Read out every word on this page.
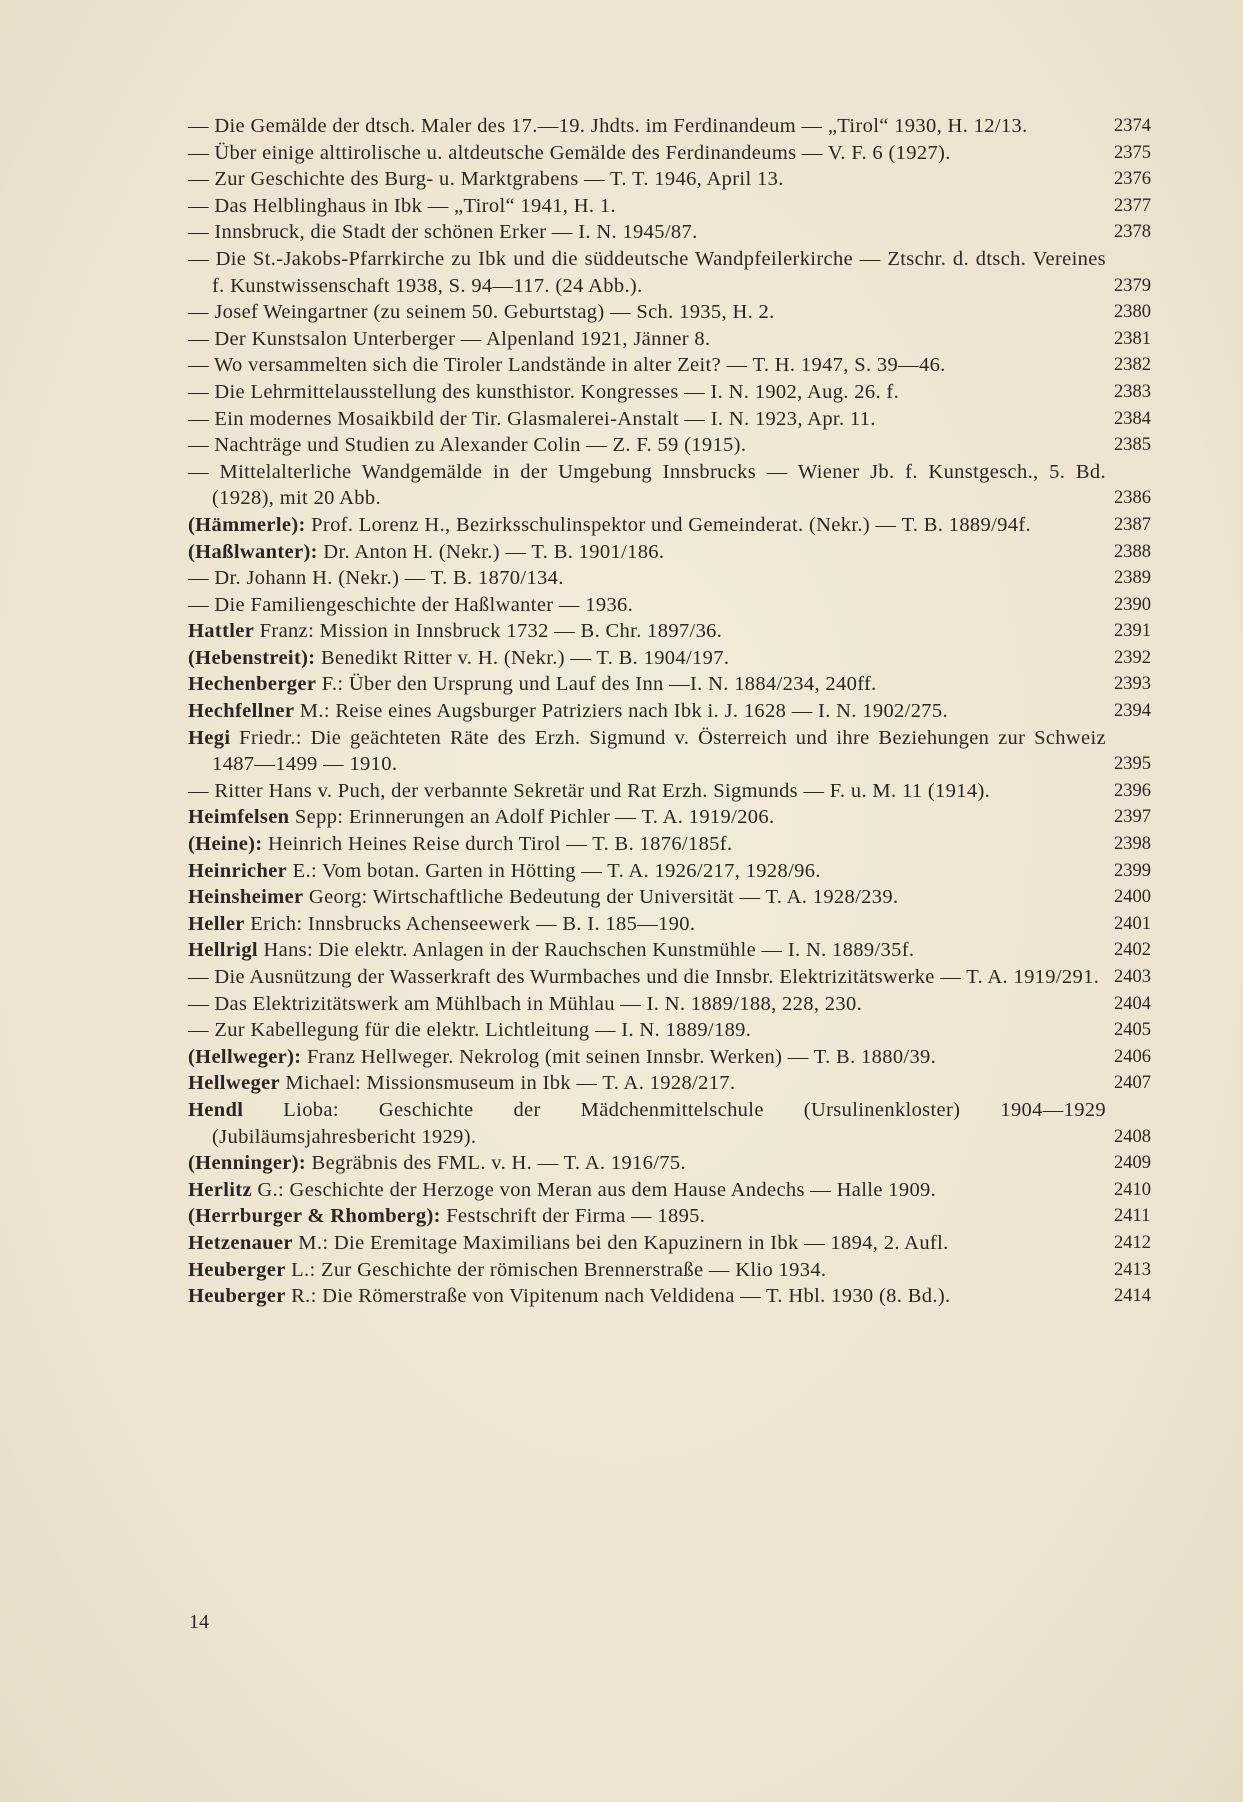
— Die Gemälde der dtsch. Maler des 17.—19. Jhdts. im Ferdinandeum — „Tirol“ 1930, H. 12/13.	2374
— Über einige alttirolische u. altdeutsche Gemälde des Ferdinandeums — V. F. 6 (1927).	2375
— Zur Geschichte des Burg- u. Marktgrabens — T. T. 1946, April 13.	2376
— Das Helblinghaus in Ibk — „Tirol“ 1941, H. 1.	2377
— Innsbruck, die Stadt der schönen Erker — I. N. 1945/87.	2378
— Die St.-Jakobs-Pfarrkirche zu Ibk und die süddeutsche Wandpfeilerkirche — Ztschr. d. dtsch. Vereines f. Kunstwissenschaft 1938, S. 94—117. (24 Abb.).	2379
— Josef Weingartner (zu seinem 50. Geburtstag) — Sch. 1935, H. 2.	2380
— Der Kunstsalon Unterberger — Alpenland 1921, Jänner 8.	2381
— Wo versammelten sich die Tiroler Landstände in alter Zeit? — T. H. 1947, S. 39—46.	2382
— Die Lehrmittelausstellung des kunsthistor. Kongresses — I. N. 1902, Aug. 26. f.	2383
— Ein modernes Mosaikbild der Tir. Glasmalerei-Anstalt — I. N. 1923, Apr. 11.	2384
— Nachträge und Studien zu Alexander Colin — Z. F. 59 (1915).	2385
— Mittelalterliche Wandgemälde in der Umgebung Innsbrucks — Wiener Jb. f. Kunstgesch., 5. Bd. (1928), mit 20 Abb.	2386
(Hämmerle): Prof. Lorenz H., Bezirksschulinspektor und Gemeinderat. (Nekr.) — T. B. 1889/94f.	2387
(Haßlwanter): Dr. Anton H. (Nekr.) — T. B. 1901/186.	2388
— Dr. Johann H. (Nekr.) — T. B. 1870/134.	2389
— Die Familiengeschichte der Haßlwanter — 1936.	2390
Hattler Franz: Mission in Innsbruck 1732 — B. Chr. 1897/36.	2391
(Hebenstreit): Benedikt Ritter v. H. (Nekr.) — T. B. 1904/197.	2392
Hechenberger F.: Über den Ursprung und Lauf des Inn —I. N. 1884/234, 240ff.	2393
Hechfellner M.: Reise eines Augsburger Patriziers nach Ibk i. J. 1628 — I. N. 1902/275.	2394
Hegi Friedr.: Die geächteten Räte des Erzh. Sigmund v. Österreich und ihre Beziehungen zur Schweiz 1487—1499 — 1910.	2395
— Ritter Hans v. Puch, der verbannte Sekretär und Rat Erzh. Sigmunds — F. u. M. 11 (1914).	2396
Heimfelsen Sepp: Erinnerungen an Adolf Pichler — T. A. 1919/206.	2397
(Heine): Heinrich Heines Reise durch Tirol — T. B. 1876/185f.	2398
Heinricher E.: Vom botan. Garten in Hötting — T. A. 1926/217, 1928/96.	2399
Heinsheimer Georg: Wirtschaftliche Bedeutung der Universität — T. A. 1928/239.	2400
Heller Erich: Innsbrucks Achenseewerk — B. I. 185—190.	2401
Hellrigl Hans: Die elektr. Anlagen in der Rauchschen Kunstmühle — I. N. 1889/35f.	2402
— Die Ausnützung der Wasserkraft des Wurmbaches und die Innsbr. Elektrizitätswerke — T. A. 1919/291. 2403
— Das Elektrizitätswerk am Mühlbach in Mühlau — I. N. 1889/188, 228, 230.	2404
— Zur Kabellegung für die elektr. Lichtleitung — I. N. 1889/189.	2405
(Hellweger): Franz Hellweger. Nekrolog (mit seinen Innsbr. Werken) — T. B. 1880/39.	2406
Hellweger Michael: Missionsmuseum in Ibk — T. A. 1928/217.	2407
Hendl Lioba: Geschichte der Mädchenmittelschule (Ursulinenkloster) 1904—1929 (Jubiläumsjahresbericht 1929).	2408
(Henninger): Begräbnis des FML. v. H. — T. A. 1916/75.	2409
Herlitz G.: Geschichte der Herzoge von Meran aus dem Hause Andechs — Halle 1909.	2410
(Herrburger & Rhomberg): Festschrift der Firma — 1895.	2411
Hetzenauer M.: Die Eremitage Maximilians bei den Kapuzinern in Ibk — 1894, 2. Aufl.	2412
Heuberger L.: Zur Geschichte der römischen Brennerstraße — Klio 1934.	2413
Heuberger R.: Die Römerstraße von Vipitenum nach Veldidena — T. Hbl. 1930 (8. Bd.).	2414
14
